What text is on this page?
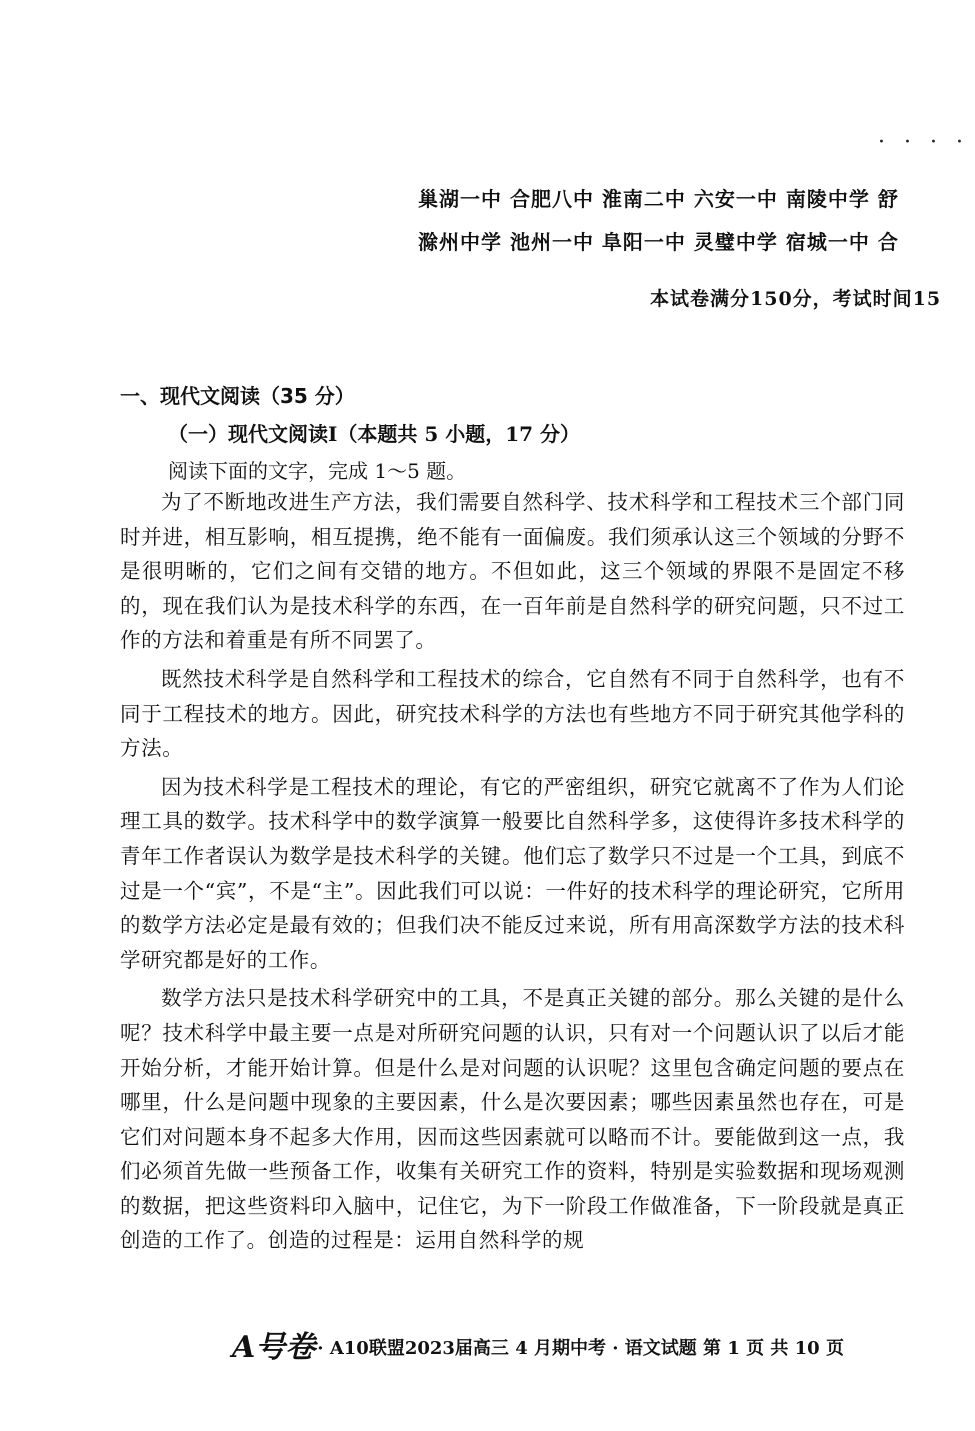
· · · ·
巢湖一中 合肥八中 淮南二中 六安一中 南陵中学 舒
滁州中学 池州一中 阜阳一中 灵璧中学 宿城一中 合
本试卷满分150分，考试时间15
一、现代文阅读（35 分）
（一）现代文阅读Ⅰ（本题共 5 小题，17 分）
阅读下面的文字，完成 1～5 题。

为了不断地改进生产方法，我们需要自然科学、技术科学和工程技术三个部门同时并进，相互影响，相互提携，绝不能有一面偏废。我们须承认这三个领域的分野不是很明晰的，它们之间有交错的地方。不但如此，这三个领域的界限不是固定不移的，现在我们认为是技术科学的东西，在一百年前是自然科学的研究问题，只不过工作的方法和着重是有所不同罢了。

既然技术科学是自然科学和工程技术的综合，它自然有不同于自然科学，也有不同于工程技术的地方。因此，研究技术科学的方法也有些地方不同于研究其他学科的方法。

因为技术科学是工程技术的理论，有它的严密组织，研究它就离不了作为人们论理工具的数学。技术科学中的数学演算一般要比自然科学多，这使得许多技术科学的青年工作者误认为数学是技术科学的关键。他们忘了数学只不过是一个工具，到底不过是一个“宾”，不是“主”。因此我们可以说：一件好的技术科学的理论研究，它所用的数学方法必定是最有效的；但我们决不能反过来说，所有用高深数学方法的技术科学研究都是好的工作。

数学方法只是技术科学研究中的工具，不是真正关键的部分。那么关键的是什么呢？技术科学中最主要一点是对所研究问题的认识，只有对一个问题认识了以后才能开始分析，才能开始计算。但是什么是对问题的认识呢？这里包含确定问题的要点在哪里，什么是问题中现象的主要因素，什么是次要因素；哪些因素虽然也存在，可是它们对问题本身不起多大作用，因而这些因素就可以略而不计。要能做到这一点，我们必须首先做一些预备工作，收集有关研究工作的资料，特别是实验数据和现场观测的数据，把这些资料印入脑中，记住它，为下一阶段工作做准备，下一阶段就是真正创造的工作了。创造的过程是：运用自然科学的规

A号卷 · A10联盟2023届高三 4 月期中考 · 语文试题 第 1 页 共 10 页
